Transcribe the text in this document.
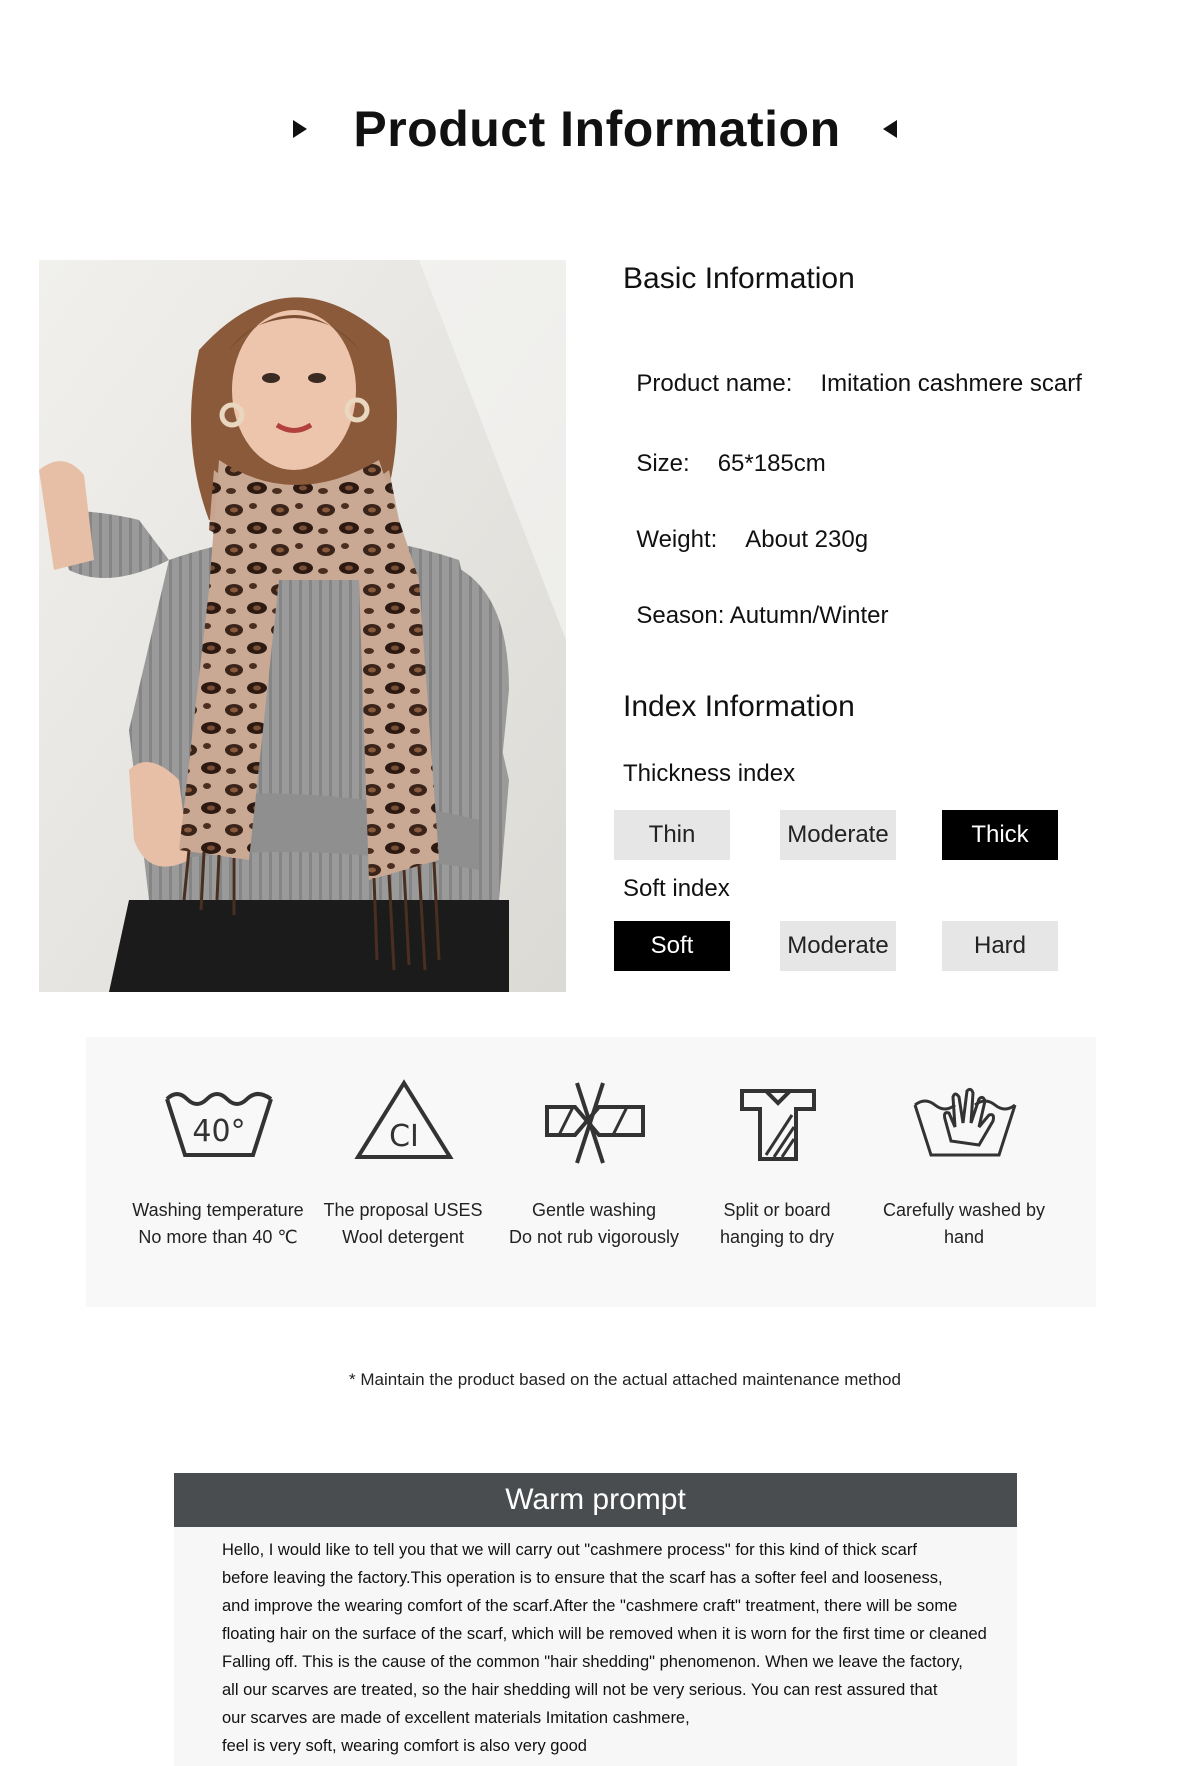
Product Information
Basic Information

Product name: Imitation cashmere scarf

Size: 65*185cm

Weight: About 230g

Season: Autumn/Winter

Index Information
Thickness index
Thin	Moderate	Thick
Soft index
Soft	Moderate	Hard
40°
Washing temperature
No more than 40 ℃
CI
The proposal USES
Wool detergent
Gentle washing
Do not rub vigorously
Split or board
hanging to dry
Carefully washed by hand
* Maintain the product based on the actual attached maintenance method
Warm prompt
Hello, I would like to tell you that we will carry out "cashmere process" for this kind of thick scarf
before leaving the factory.This operation is to ensure that the scarf has a softer feel and looseness,
and improve the wearing comfort of the scarf.After the "cashmere craft" treatment, there will be some
floating hair on the surface of the scarf, which will be removed when it is worn for the first time or cleaned
Falling off. This is the cause of the common "hair shedding" phenomenon. When we leave the factory,
all our scarves are treated, so the hair shedding will not be very serious. You can rest assured that
our scarves are made of excellent materials Imitation cashmere,
feel is very soft, wearing comfort is also very good
